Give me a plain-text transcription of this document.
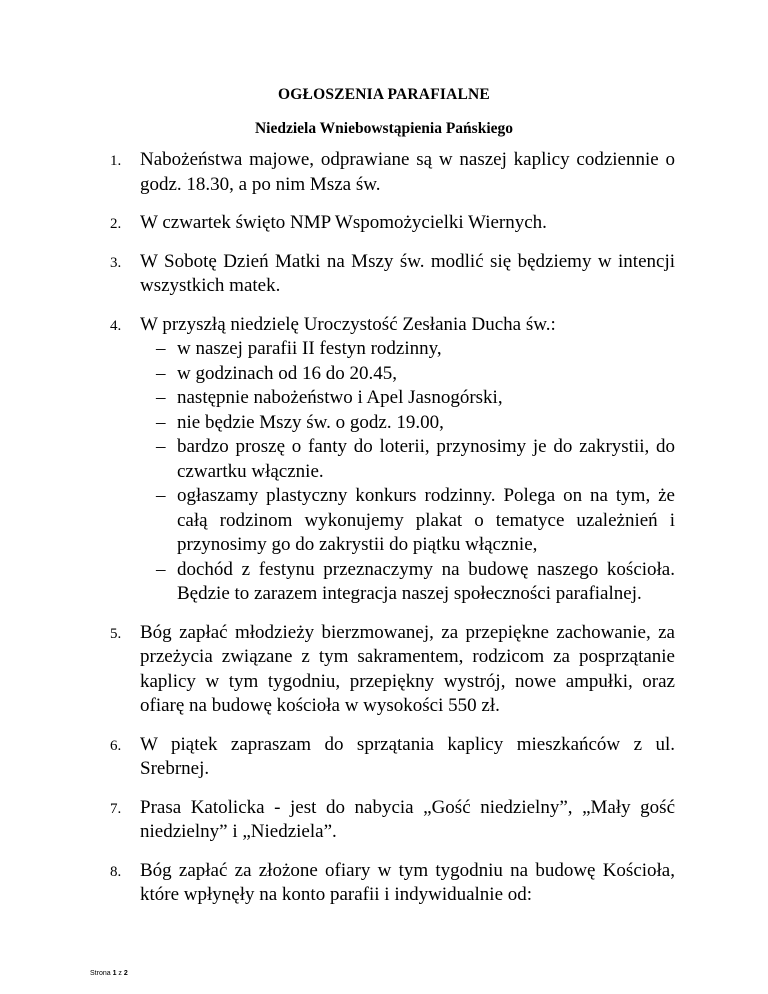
OGŁOSZENIA PARAFIALNE
Niedziela Wniebowstąpienia Pańskiego
1. Nabożeństwa majowe, odprawiane są w naszej kaplicy codziennie o godz. 18.30, a po nim Msza św.
2. W czwartek święto NMP Wspomożycielki Wiernych.
3. W Sobotę Dzień Matki na Mszy św. modlić się będziemy w intencji wszystkich matek.
4. W przyszłą niedzielę Uroczystość Zesłania Ducha św.:
– w naszej parafii II festyn rodzinny,
– w godzinach od 16 do 20.45,
– następnie nabożeństwo i Apel Jasnogórski,
– nie będzie Mszy św. o godz. 19.00,
– bardzo proszę o fanty do loterii, przynosimy je do zakrystii, do czwartku włącznie.
– ogłaszamy plastyczny konkurs rodzinny. Polega on na tym, że całą rodzinom wykonujemy plakat o tematyce uzależnień i przynosimy go do zakrystii do piątku włącznie,
– dochód z festynu przeznaczymy na budowę naszego kościoła. Będzie to zarazem integracja naszej społeczności parafialnej.
5. Bóg zapłać młodzieży bierzmowanej, za przepiękne zachowanie, za przeżycia związane z tym sakramentem, rodzicom za posprzątanie kaplicy w tym tygodniu, przepiękny wystrój, nowe ampułki, oraz ofiarę na budowę kościoła w wysokości 550 zł.
6. W piątek zapraszam do sprzątania kaplicy mieszkańców z ul. Srebrnej.
7. Prasa Katolicka - jest do nabycia „Gość niedzielny”, „Mały gość niedzielny” i „Niedziela”.
8. Bóg zapłać za złożone ofiary w tym tygodniu na budowę Kościoła, które wpłynęły na konto parafii i indywidualnie od:
Strona 1 z 2
